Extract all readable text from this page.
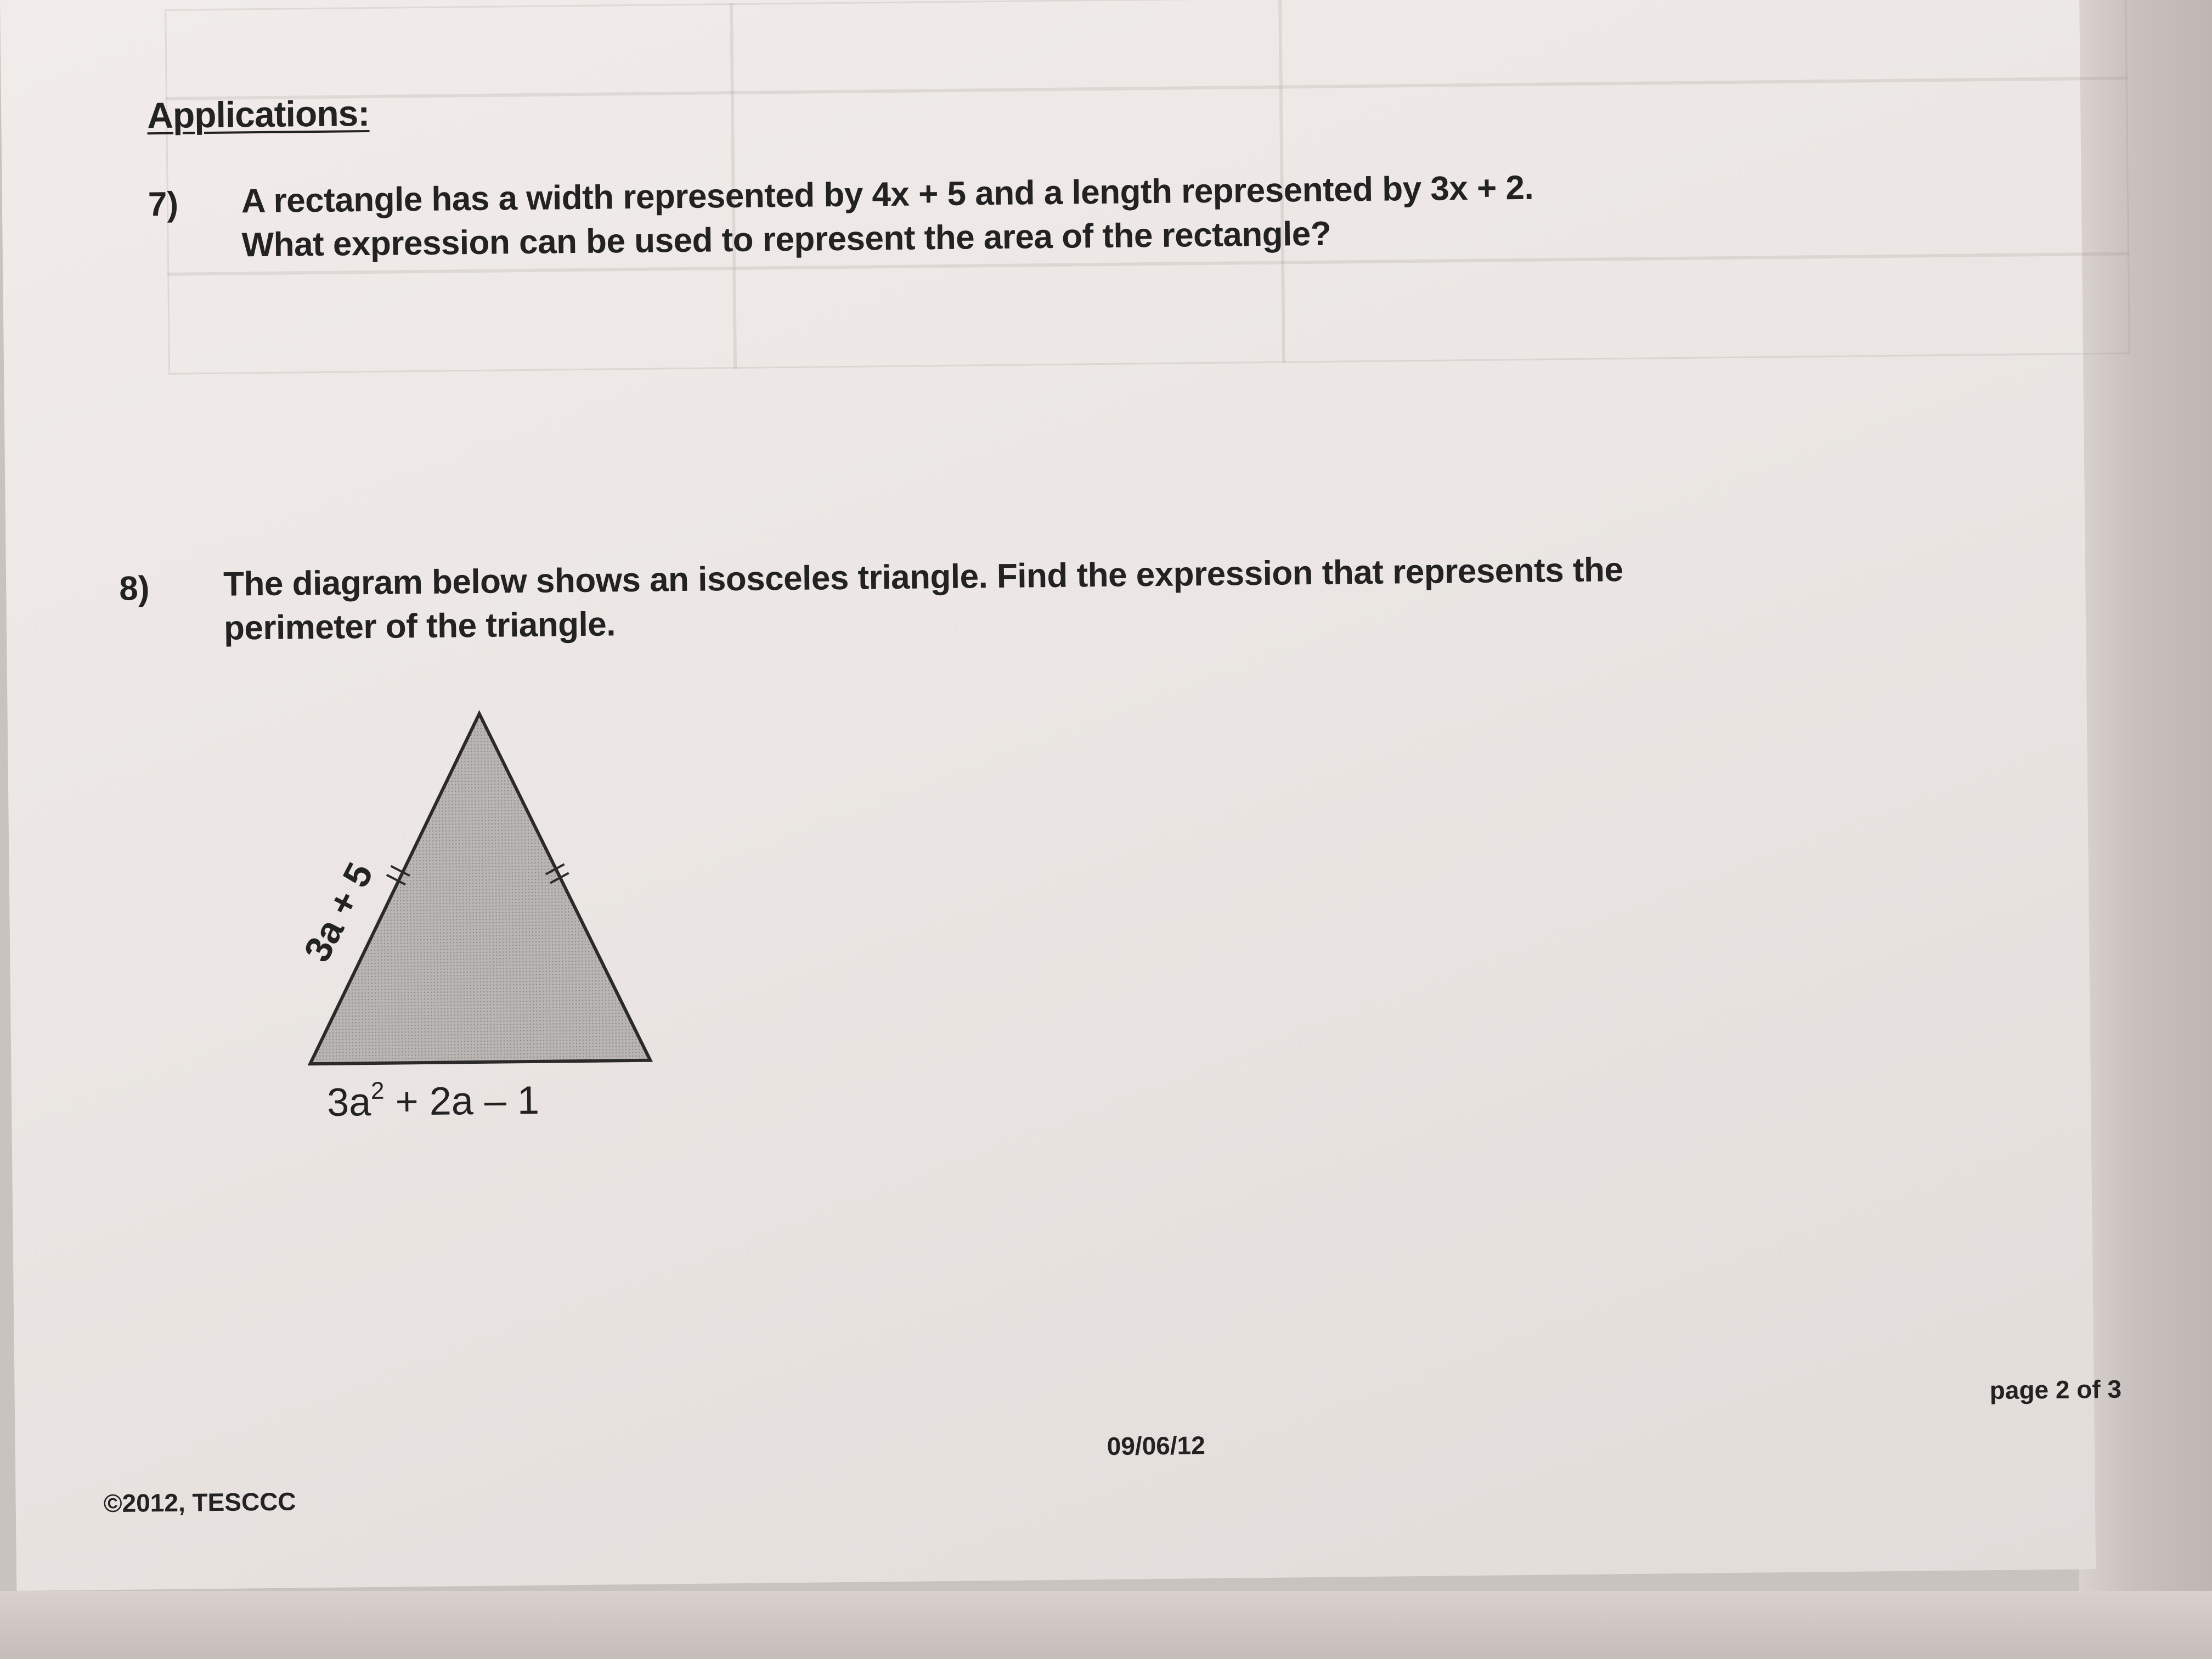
Applications:
7) A rectangle has a width represented by 4x + 5 and a length represented by 3x + 2.
What expression can be used to represent the area of the rectangle?
8) The diagram below shows an isosceles triangle. Find the expression that represents the
perimeter of the triangle.
3a + 5
$3a^2 + 2a - 1$
©2012, TESCCC
09/06/12
page 2 of 3
